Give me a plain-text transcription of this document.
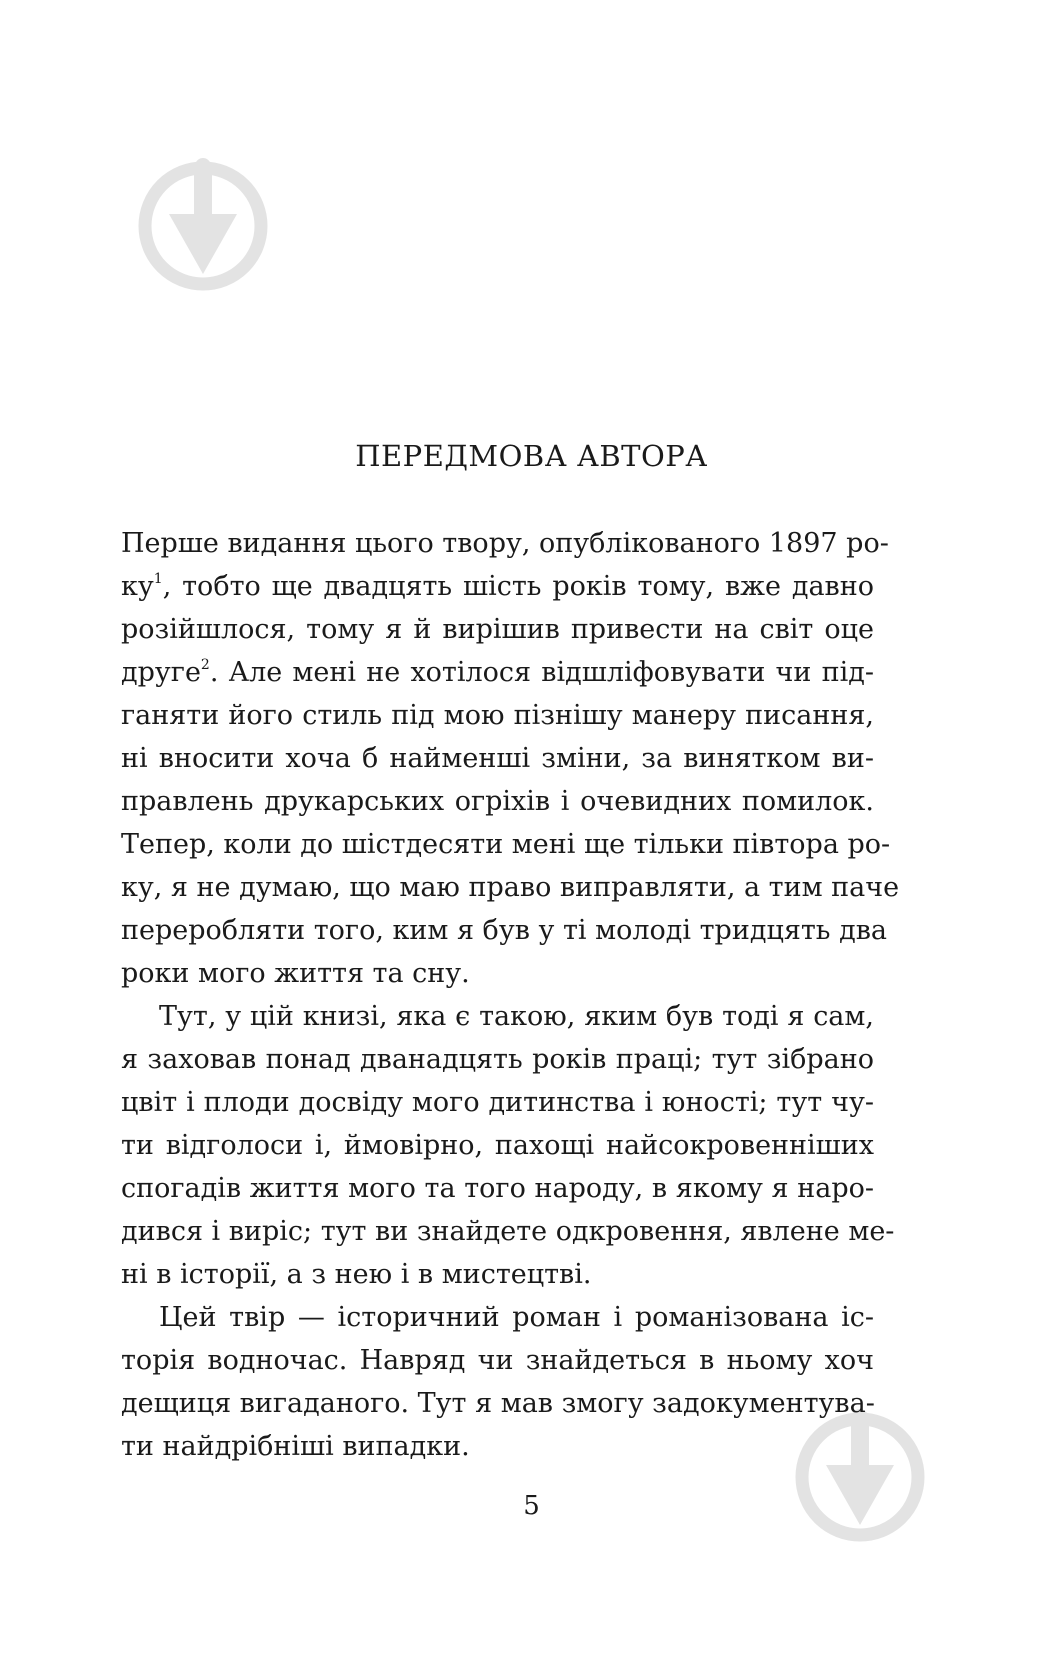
ПЕРЕДМОВА АВТОРА
Перше видання цього твору, опублікованого 1897 ро-
$ку^1$, тобто ще двадцять шість років тому, вже давно
розійшлося, тому я й вирішив привести на світ оце
друге$^2$. Але мені не хотілося відшліфовувати чи під-
ганяти його стиль під мою пізнішу манеру писання,
ні вносити хоча б найменші зміни, за винятком ви-
правлень друкарських огріхів і очевидних помилок.
Тепер, коли до шістдесяти мені ще тільки півтора ро-
ку, я не думаю, що маю право виправляти, а тим паче
переробляти того, ким я був у ті молоді тридцять два
роки мого життя та сну.
Тут, у цій книзі, яка є такою, яким був тоді я сам,
я заховав понад дванадцять років праці; тут зібрано
цвіт і плоди досвіду мого дитинства і юності; тут чу-
ти відголоси і, ймовірно, пахощі найсокровенніших
спогадів життя мого та того народу, в якому я наро-
дився і виріс; тут ви знайдете одкровення, явлене ме-
ні в історії, а з нею і в мистецтві.
Цей твір — історичний роман і романізована іс-
торія водночас. Навряд чи знайдеться в ньому хоч
дещиця вигаданого. Тут я мав змогу задокументува-
ти найдрібніші випадки.
5
